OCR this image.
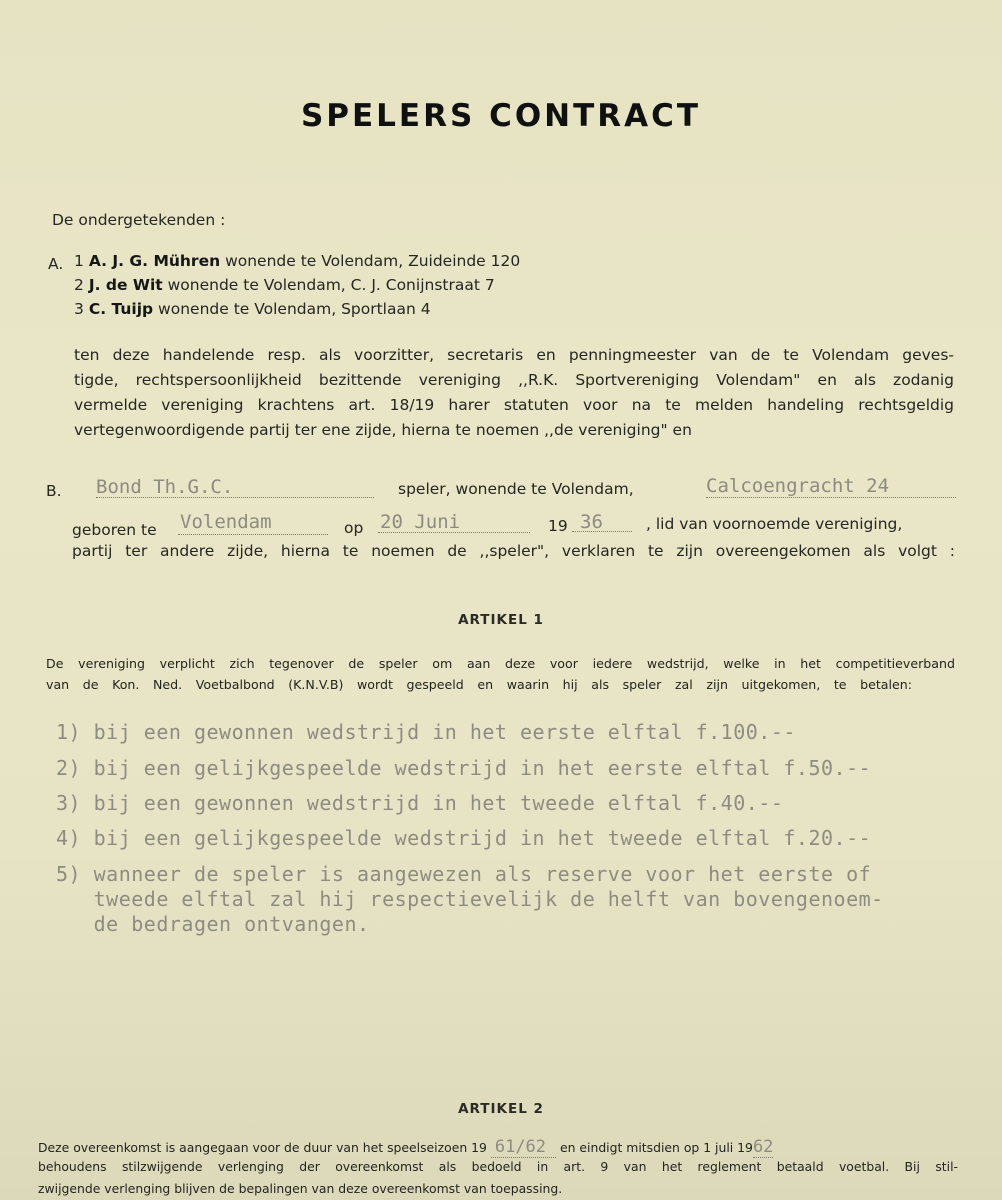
SPELERS CONTRACT
De ondergetekenden :
A. 1 A. J. G. Mühren wonende te Volendam, Zuideinde 120
2 J. de Wit wonende te Volendam, C. J. Conijnstraat 7
3 C. Tuijp wonende te Volendam, Sportlaan 4
ten deze handelende resp. als voorzitter, secretaris en penningmeester van de te Volendam geves-
tigde, rechtspersoonlijkheid bezittende vereniging ,,R.K. Sportvereniging Volendam" en als zodanig
vermelde vereniging krachtens art. 18/19 harer statuten voor na te melden handeling rechtsgeldig
vertegenwoordigende partij ter ene zijde, hierna te noemen ,,de vereniging" en
B. Bond Th.G.C.	speler, wonende te Volendam,	Calcoengracht 24
geboren te Volendam	op 20 Juni	19 36	, lid van voornoemde vereniging,
partij ter andere zijde, hierna te noemen de ,,speler", verklaren te zijn overeengekomen als volgt :
ARTIKEL 1
De vereniging verplicht zich tegenover de speler om aan deze voor iedere wedstrijd, welke in het competitieverband
van de Kon. Ned. Voetbalbond (K.N.V.B) wordt gespeeld en waarin hij als speler zal zijn uitgekomen, te betalen:
1) bij een gewonnen wedstrijd in het eerste elftal f.100.--
2) bij een gelijkgespeelde wedstrijd in het eerste elftal f.50.--
3) bij een gewonnen wedstrijd in het tweede elftal f.40.--
4) bij een gelijkgespeelde wedstrijd in het tweede elftal f.20.--
5) wanneer de speler is aangewezen als reserve voor het eerste of
tweede elftal zal hij respectievelijk de helft van bovengenoem-
de bedragen ontvangen.
ARTIKEL 2
Deze overeenkomst is aangegaan voor de duur van het speelseizoen 19 61/62 en eindigt mitsdien op 1 juli 1962
behoudens stilzwijgende verlenging der overeenkomst als bedoeld in art. 9 van het reglement betaald voetbal. Bij stil-
zwijgende verlenging blijven de bepalingen van deze overeenkomst van toepassing.
